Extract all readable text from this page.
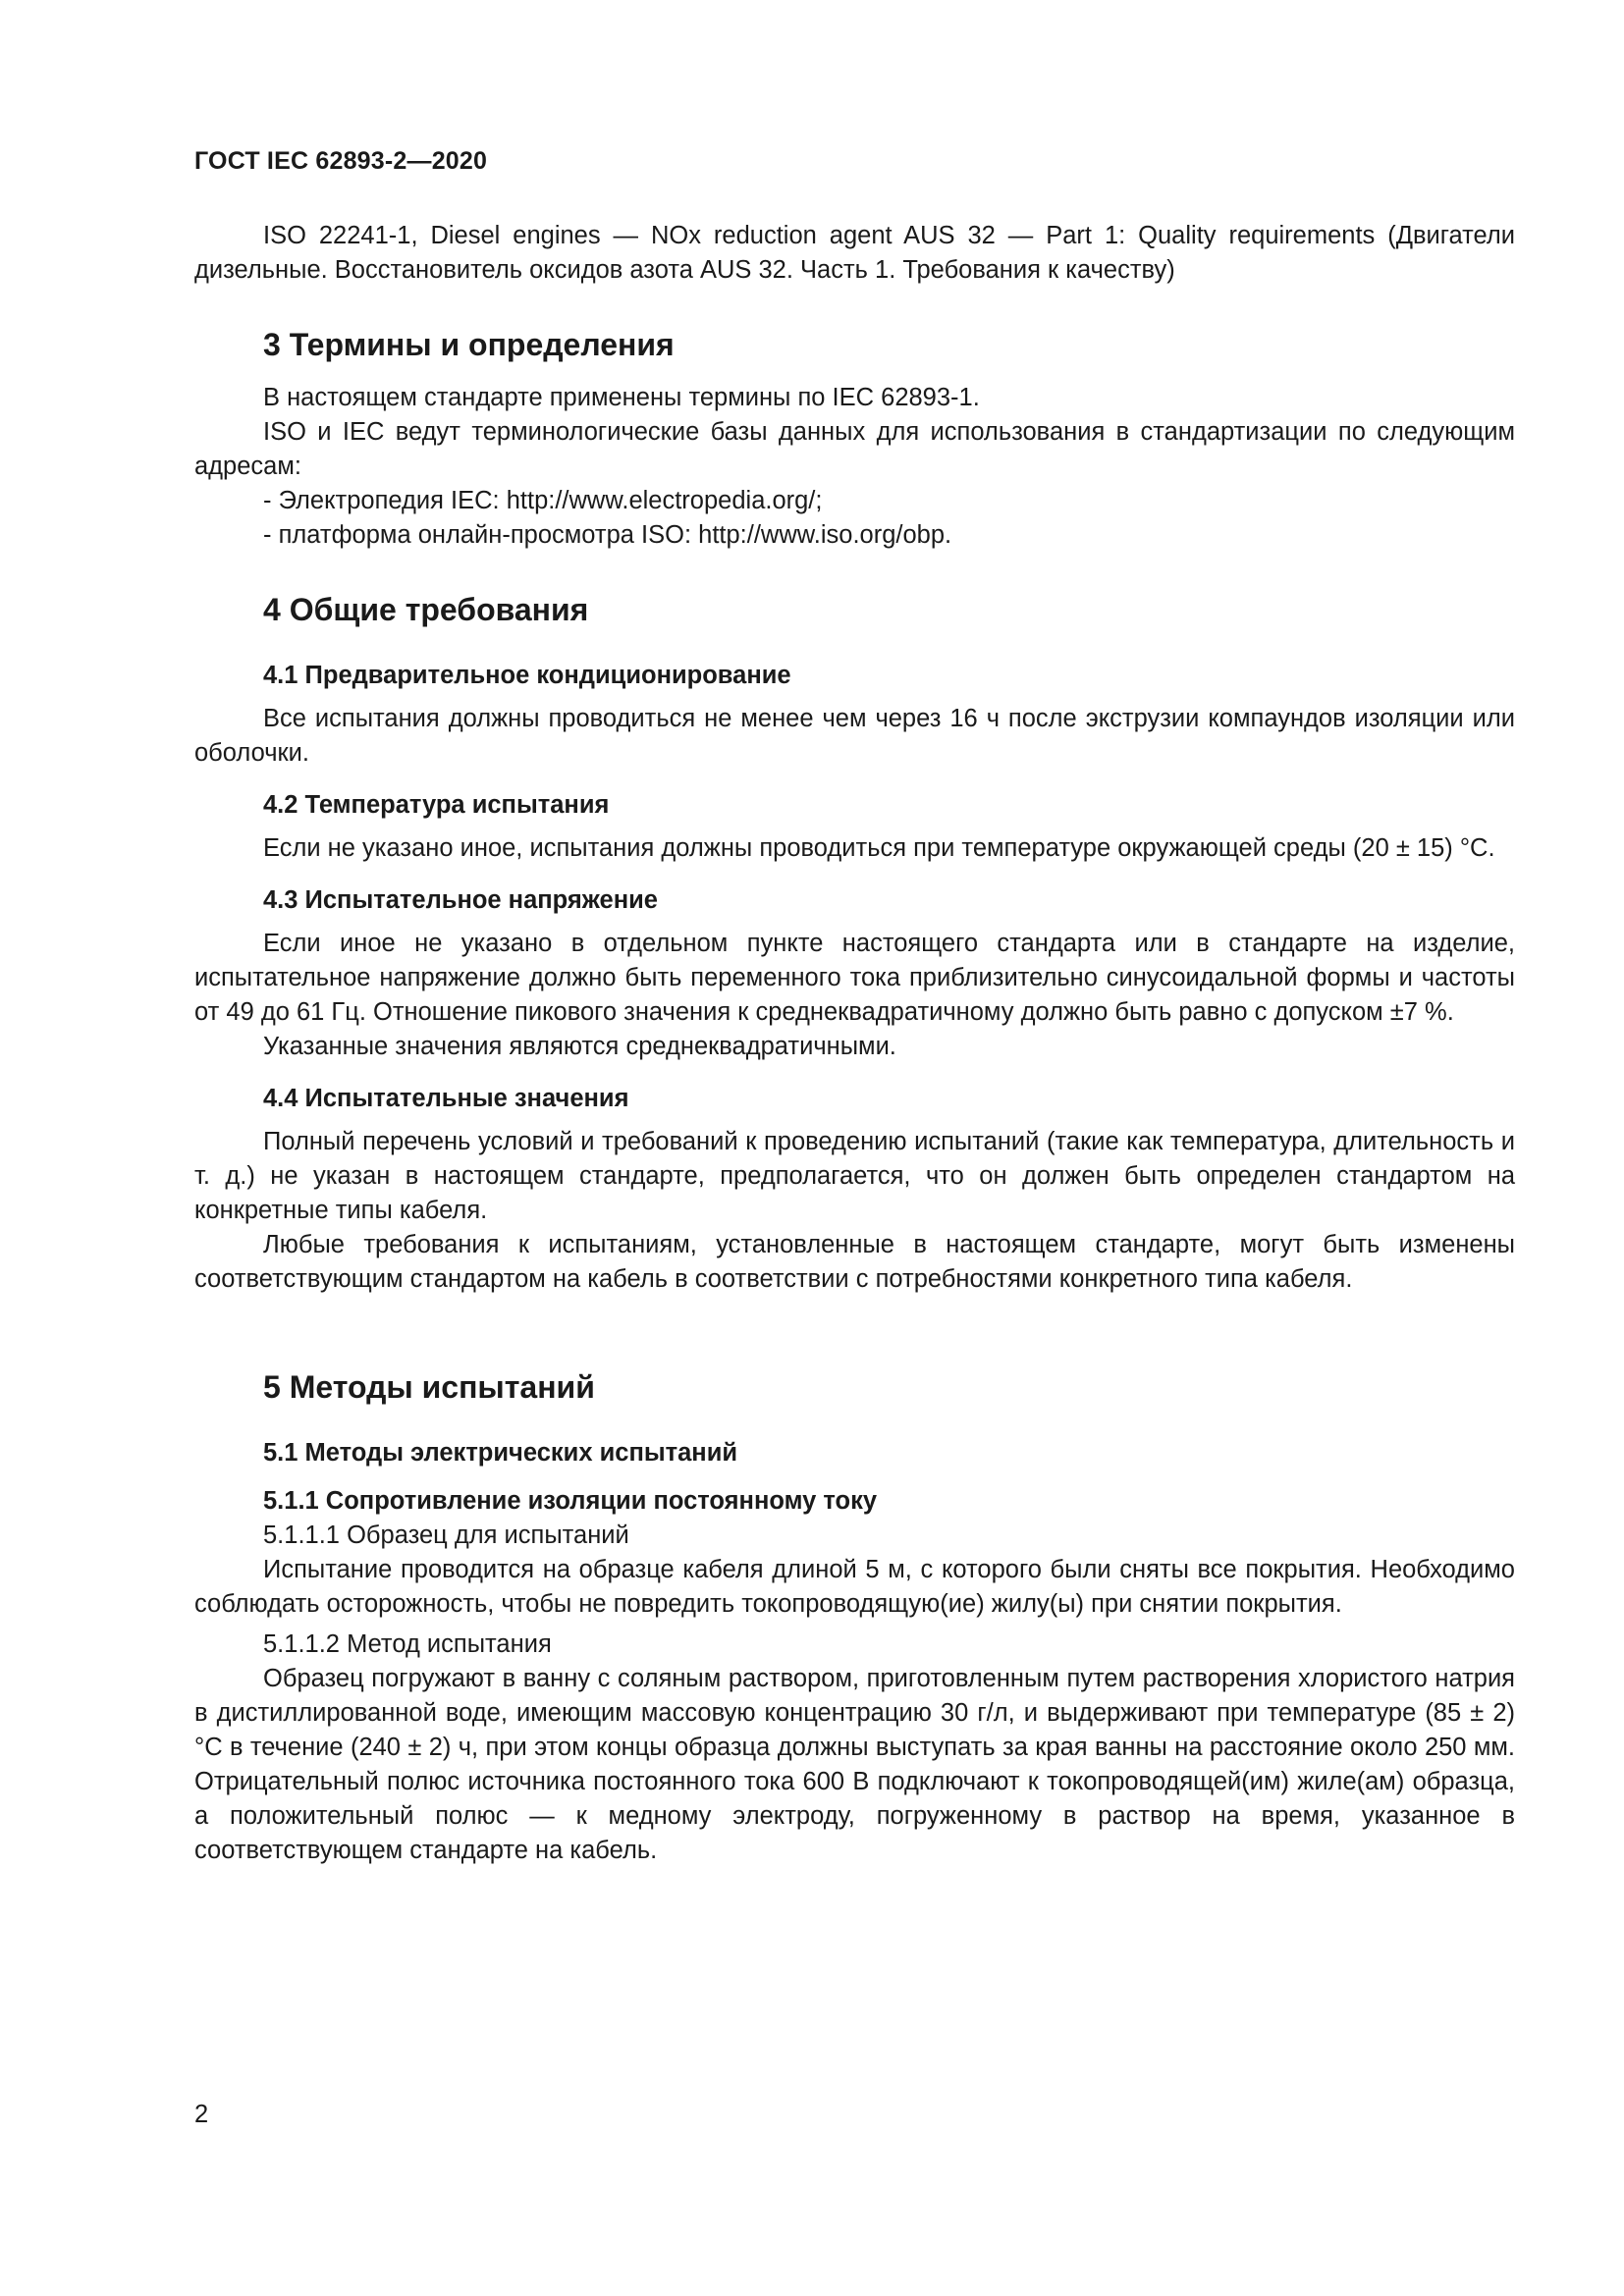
ГОСТ IEC 62893-2—2020

ISO 22241-1, Diesel engines — NOx reduction agent AUS 32 — Part 1: Quality requirements (Двигатели дизельные. Восстановитель оксидов азота AUS 32. Часть 1. Требования к качеству)

3 Термины и определения

В настоящем стандарте применены термины по IEC 62893-1.

ISO и IEC ведут терминологические базы данных для использования в стандартизации по следующим адресам:

- Электропедия IEC: http://www.electropedia.org/;

- платформа онлайн-просмотра ISO: http://www.iso.org/obp.

4 Общие требования
4.1 Предварительное кондиционирование

Все испытания должны проводиться не менее чем через 16 ч после экструзии компаундов изоляции или оболочки.

4.2 Температура испытания

Если не указано иное, испытания должны проводиться при температуре окружающей среды (20 ± 15) °С.

4.3 Испытательное напряжение

Если иное не указано в отдельном пункте настоящего стандарта или в стандарте на изделие, испытательное напряжение должно быть переменного тока приблизительно синусоидальной формы и частоты от 49 до 61 Гц. Отношение пикового значения к среднеквадратичному должно быть равно с допуском ±7 %.

Указанные значения являются среднеквадратичными.

4.4 Испытательные значения

Полный перечень условий и требований к проведению испытаний (такие как температура, длительность и т. д.) не указан в настоящем стандарте, предполагается, что он должен быть определен стандартом на конкретные типы кабеля.

Любые требования к испытаниям, установленные в настоящем стандарте, могут быть изменены соответствующим стандартом на кабель в соответствии с потребностями конкретного типа кабеля.

5 Методы испытаний
5.1 Методы электрических испытаний
5.1.1 Сопротивление изоляции постоянному току

5.1.1.1 Образец для испытаний

Испытание проводится на образце кабеля длиной 5 м, с которого были сняты все покрытия. Необходимо соблюдать осторожность, чтобы не повредить токопроводящую(ие) жилу(ы) при снятии покрытия.

5.1.1.2 Метод испытания

Образец погружают в ванну с соляным раствором, приготовленным путем растворения хлористого натрия в дистиллированной воде, имеющим массовую концентрацию 30 г/л, и выдерживают при температуре (85 ± 2) °С в течение (240 ± 2) ч, при этом концы образца должны выступать за края ванны на расстояние около 250 мм. Отрицательный полюс источника постоянного тока 600 В подключают к токопроводящей(им) жиле(ам) образца, а положительный полюс — к медному электроду, погруженному в раствор на время, указанное в соответствующем стандарте на кабель.

2
